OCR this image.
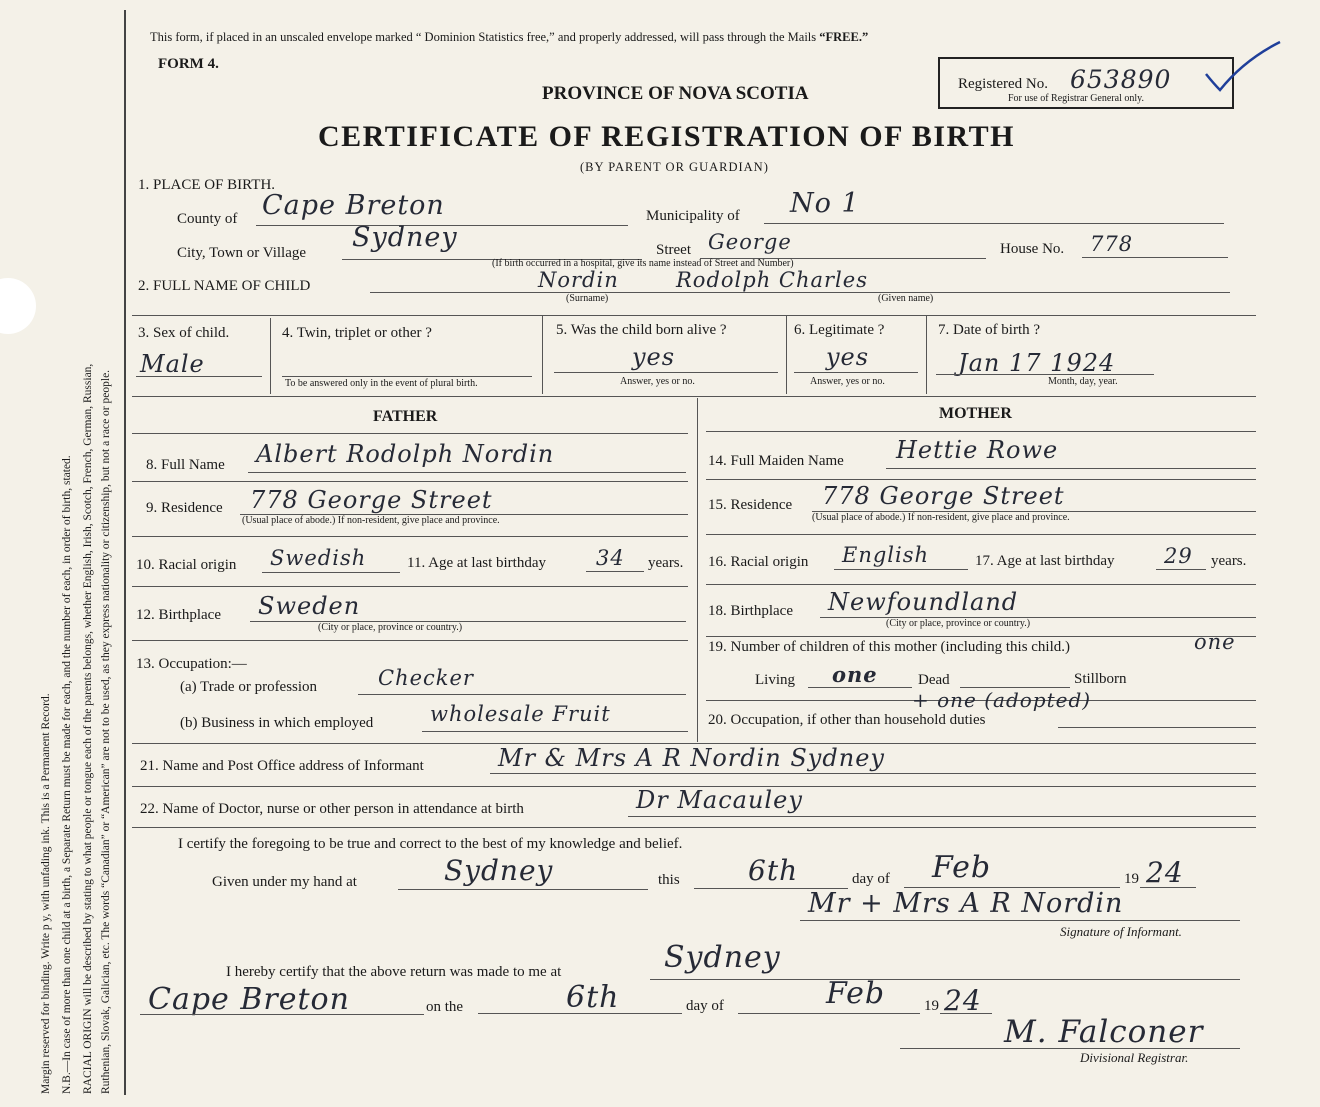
Margin reserved for binding. Write p y, with unfading ink. This is a Permanent Record. N.B.—In case of more than one child at a birth, a Separate Return must be made for each, and the number of each, in order of birth, stated. RACIAL ORIGIN will be described by stating to what people or tongue each of the parents belongs, whether English, Irish, Scotch, French, German, Russian, Ruthenian, Slovak, Galician, etc. The words “Canadian” or “American” are not to be used, as they express nationality or citizenship, but not a race or people.
This form, if placed in an unscaled envelope marked “ Dominion Statistics free,” and properly addressed, will pass through the Mails “FREE.”
FORM 4.
PROVINCE OF NOVA SCOTIA
CERTIFICATE OF REGISTRATION OF BIRTH
(BY PARENT OR GUARDIAN)
Registered No. 653890
For use of Registrar General only.
1. PLACE OF BIRTH.
County of Cape Breton	Municipality of No 1
City, Town or Village Sydney	Street George	House No. 778
(If birth occurred in a hospital, give its name instead of Street and Number)
2. FULL NAME OF CHILD	Nordin	Rodolph Charles
(Surname)	(Given name)
3. Sex of child.
Male
4. Twin, triplet or other ?
To be answered only in the event of plural birth.
5. Was the child born alive ?
yes
Answer, yes or no.
6. Legitimate ?
yes
Answer, yes or no.
7. Date of birth ?
Jan 17 1924
Month, day, year.
FATHER	MOTHER
8. Full Name Albert Rodolph Nordin
9. Residence 778 George Street
(Usual place of abode.) If non-resident, give place and province.
10. Racial origin Swedish	11. Age at last birthday 34 years.
12. Birthplace Sweden
(City or place, province or country.)
13. Occupation:—
(a) Trade or profession	Checker
(b) Business in which employed	wholesale Fruit
14. Full Maiden Name Hettie Rowe
15. Residence 778 George Street
(Usual place of abode.) If non-resident, give place and province.
16. Racial origin English	17. Age at last birthday 29 years.
18. Birthplace Newfoundland
(City or place, province or country.)
19. Number of children of this mother (including this child.)	one
Living one	Dead	Stillborn
+ one (adopted)
20. Occupation, if other than household duties
21. Name and Post Office address of Informant	Mr & Mrs A R Nordin Sydney
22. Name of Doctor, nurse or other person in attendance at birth	Dr Macauley
I certify the foregoing to be true and correct to the best of my knowledge and belief.
Given under my hand at	Sydney	this 6th	day of Feb	19 24
Mr + Mrs A R Nordin
Signature of Informant.
I hereby certify that the above return was made to me at	Sydney
Cape Breton	on the	6th	day of	Feb	19 24
M. Falconer
Divisional Registrar.
